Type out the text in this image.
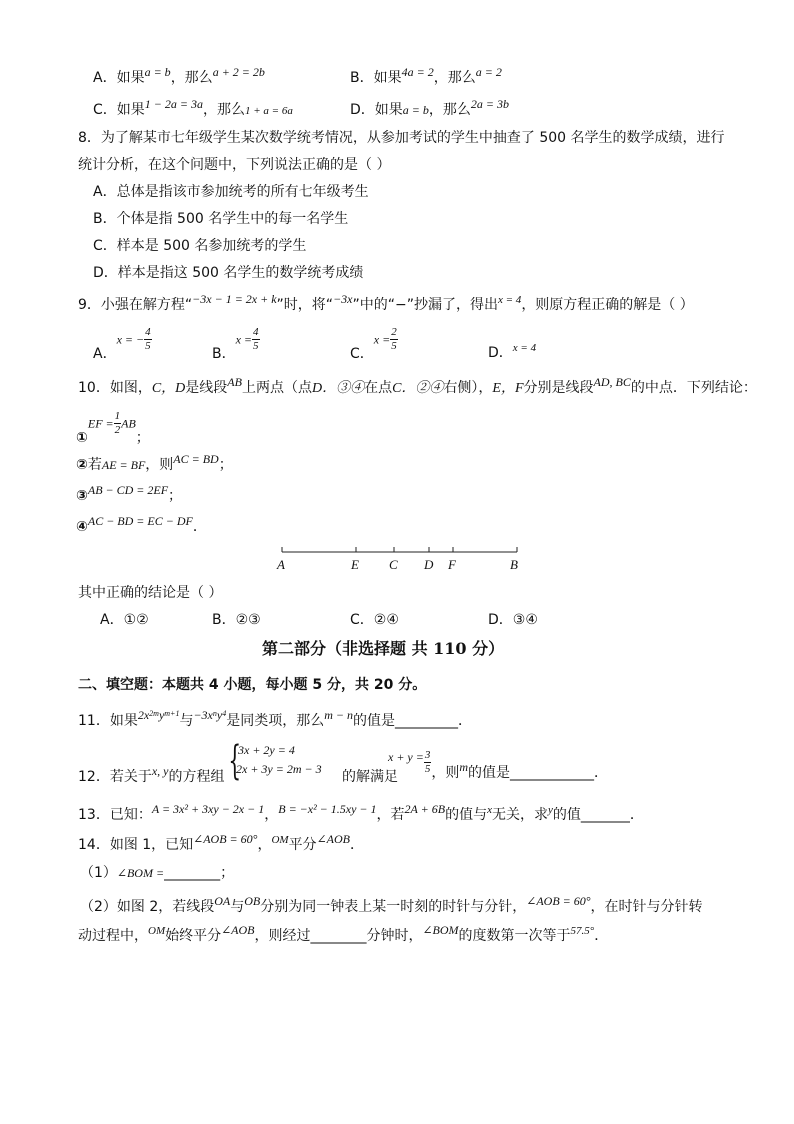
A．如果a = b，那么a + 2 = 2b	B．如果4a = 2，那么a = 2
C．如果1 − 2a = 3a，那么1 + a = 6a	D．如果a = b，那么2a = 3b
8．为了解某市七年级学生某次数学统考情况，从参加考试的学生中抽查了 500 名学生的数学成绩，进行
统计分析，在这个问题中，下列说法正确的是（ ）
A．总体是指该市参加统考的所有七年级考生
B．个体是指 500 名学生中的每一名学生
C．样本是 500 名参加统考的学生
D．样本是指这 500 名学生的数学统考成绩
9．小强在解方程“−3x − 1 = 2x + k”时，将“−3x”中的“−”抄漏了，得出$^{x = 4}$，则原方程正确的解是（ ）
A．x = − $\frac{4}{5}$
B．$x = \frac{4}{5}$
C．$x = \frac{2}{5}$	D．$^{x = 4}$
10．如图，C，D是线段AB上两点（点D．③④在点C．②④右侧），E，F分别是线段AD, BC的中点．下列结论：
①EF = $\frac{1}{2}$ AB；
②若AE = BF，则AC = BD；
③AB − CD = 2EF；
④AC − BD = EC − DF．
A	E C D F	B
其中正确的结论是（ ）
A．①②	B．②③	C．②④	D．③④
第二部分（非选择题 共 110 分）
二、填空题：本题共 4 小题，每小题 5 分，共 20 分。
11．如果$2x^{2m}y^{m+1}$与$-3x^ny^4$是同类项，那么m − n的值是_________．
12．若关于x, y的方程组 {
3x + 2y = 4
2x + 3y = 2m − 3 的解满足
$x + y = \frac{3}{5}$ ，则m的值是____________．
13．已知：A = 3x² + 3xy − 2x − 1，B = −x² − 1.5xy − 1，若2A + 6B的值与$^x$无关，求$^y$的值_______．
14．如图 1，已知∠AOB = 60°，$^{OM}$平分∠AOB．
（1）∠BOM =________；
（2）如图 2，若线段OA与OB分别为同一钟表上某一时刻的时针与分针，∠AOB = 60°，在时针与分针转
动过程中，$^{OM}$始终平分∠AOB，则经过________分钟时，∠BOM的度数第一次等于$^{57.5^\circ}$．
